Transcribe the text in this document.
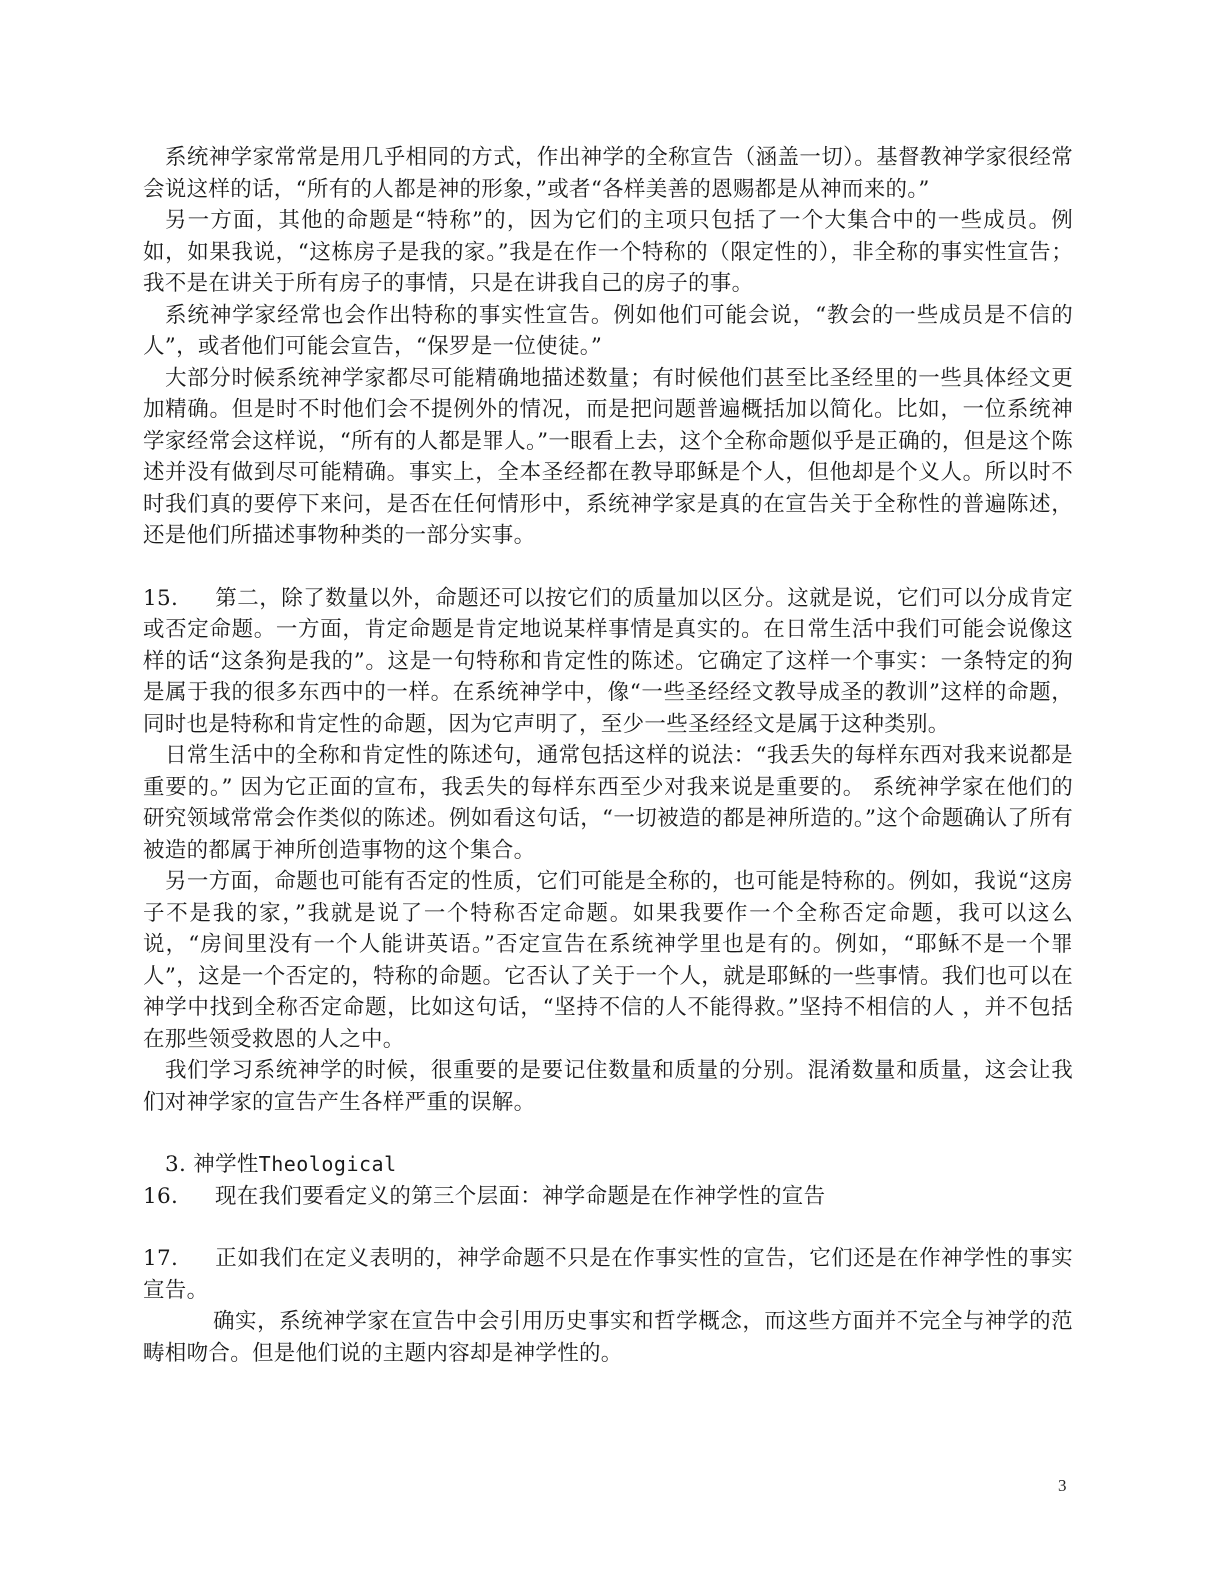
系统神学家常常是用几乎相同的方式，作出神学的全称宣告（涵盖一切）。基督教神学家很经常会说这样的话，“所有的人都是神的形象，”或者“各样美善的恩赐都是从神而来的。”

另一方面，其他的命题是“特称”的，因为它们的主项只包括了一个大集合中的一些成员。例如，如果我说，“这栋房子是我的家。”我是在作一个特称的（限定性的），非全称的事实性宣告；我不是在讲关于所有房子的事情，只是在讲我自己的房子的事。

系统神学家经常也会作出特称的事实性宣告。例如他们可能会说，“教会的一些成员是不信的人”，或者他们可能会宣告，“保罗是一位使徒。”

大部分时候系统神学家都尽可能精确地描述数量；有时候他们甚至比圣经里的一些具体经文更加精确。但是时不时他们会不提例外的情况，而是把问题普遍概括加以简化。比如，一位系统神学家经常会这样说，“所有的人都是罪人。”一眼看上去，这个全称命题似乎是正确的，但是这个陈述并没有做到尽可能精确。事实上，全本圣经都在教导耶稣是个人，但他却是个义人。所以时不时我们真的要停下来问，是否在任何情形中，系统神学家是真的在宣告关于全称性的普遍陈述，还是他们所描述事物种类的一部分实事。

15. 第二，除了数量以外，命题还可以按它们的质量加以区分。这就是说，它们可以分成肯定或否定命题。一方面，肯定命题是肯定地说某样事情是真实的。在日常生活中我们可能会说像这样的话“这条狗是我的”。这是一句特称和肯定性的陈述。它确定了这样一个事实：一条特定的狗是属于我的很多东西中的一样。在系统神学中，像“一些圣经经文教导成圣的教训”这样的命题，同时也是特称和肯定性的命题，因为它声明了，至少一些圣经经文是属于这种类别。

日常生活中的全称和肯定性的陈述句，通常包括这样的说法：“我丢失的每样东西对我来说都是重要的。” 因为它正面的宣布，我丢失的每样东西至少对我来说是重要的。 系统神学家在他们的研究领域常常会作类似的陈述。例如看这句话，“一切被造的都是神所造的。”这个命题确认了所有被造的都属于神所创造事物的这个集合。

另一方面，命题也可能有否定的性质，它们可能是全称的，也可能是特称的。例如，我说“这房子不是我的家，”我就是说了一个特称否定命题。如果我要作一个全称否定命题，我可以这么说，“房间里没有一个人能讲英语。”否定宣告在系统神学里也是有的。例如，“耶稣不是一个罪人”，这是一个否定的，特称的命题。它否认了关于一个人，就是耶稣的一些事情。我们也可以在神学中找到全称否定命题，比如这句话，“坚持不信的人不能得救。”坚持不相信的人 ，并不包括在那些领受救恩的人之中。

我们学习系统神学的时候，很重要的是要记住数量和质量的分别。混淆数量和质量，这会让我们对神学家的宣告产生各样严重的误解。

3. 神学性Theological

16. 现在我们要看定义的第三个层面：神学命题是在作神学性的宣告

17. 正如我们在定义表明的，神学命题不只是在作事实性的宣告，它们还是在作神学性的事实宣告。

确实，系统神学家在宣告中会引用历史事实和哲学概念，而这些方面并不完全与神学的范畴相吻合。但是他们说的主题内容却是神学性的。

3
